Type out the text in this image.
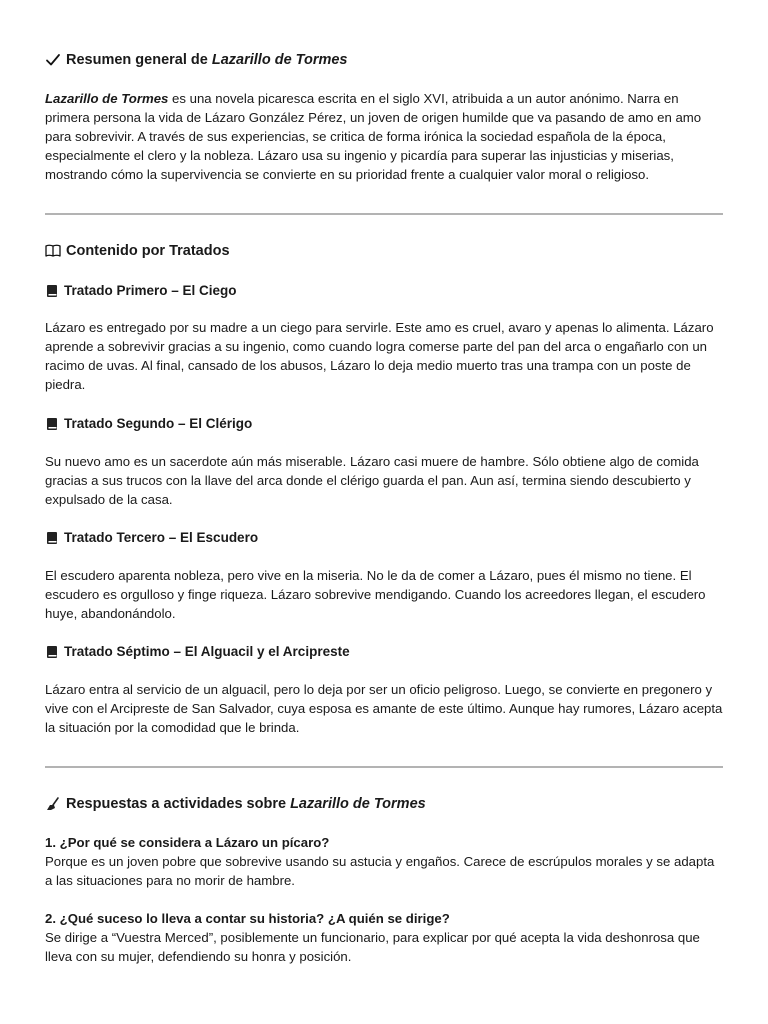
Resumen general de Lazarillo de Tormes

Lazarillo de Tormes es una novela picaresca escrita en el siglo XVI, atribuida a un autor anónimo. Narra en primera persona la vida de Lázaro González Pérez, un joven de origen humilde que va pasando de amo en amo para sobrevivir. A través de sus experiencias, se critica de forma irónica la sociedad española de la época, especialmente el clero y la nobleza. Lázaro usa su ingenio y picardía para superar las injusticias y miserias, mostrando cómo la supervivencia se convierte en su prioridad frente a cualquier valor moral o religioso.

Contenido por Tratados
Tratado Primero – El Ciego

Lázaro es entregado por su madre a un ciego para servirle. Este amo es cruel, avaro y apenas lo alimenta. Lázaro aprende a sobrevivir gracias a su ingenio, como cuando logra comerse parte del pan del arca o engañarlo con un racimo de uvas. Al final, cansado de los abusos, Lázaro lo deja medio muerto tras una trampa con un poste de piedra.

Tratado Segundo – El Clérigo

Su nuevo amo es un sacerdote aún más miserable. Lázaro casi muere de hambre. Sólo obtiene algo de comida gracias a sus trucos con la llave del arca donde el clérigo guarda el pan. Aun así, termina siendo descubierto y expulsado de la casa.

Tratado Tercero – El Escudero

El escudero aparenta nobleza, pero vive en la miseria. No le da de comer a Lázaro, pues él mismo no tiene. El escudero es orgulloso y finge riqueza. Lázaro sobrevive mendigando. Cuando los acreedores llegan, el escudero huye, abandonándolo.

Tratado Séptimo – El Alguacil y el Arcipreste

Lázaro entra al servicio de un alguacil, pero lo deja por ser un oficio peligroso. Luego, se convierte en pregonero y vive con el Arcipreste de San Salvador, cuya esposa es amante de este último. Aunque hay rumores, Lázaro acepta la situación por la comodidad que le brinda.

Respuestas a actividades sobre Lazarillo de Tormes

1. ¿Por qué se considera a Lázaro un pícaro?

Porque es un joven pobre que sobrevive usando su astucia y engaños. Carece de escrúpulos morales y se adapta a las situaciones para no morir de hambre.

2. ¿Qué suceso lo lleva a contar su historia? ¿A quién se dirige?

Se dirige a “Vuestra Merced”, posiblemente un funcionario, para explicar por qué acepta la vida deshonrosa que lleva con su mujer, defendiendo su honra y posición.
